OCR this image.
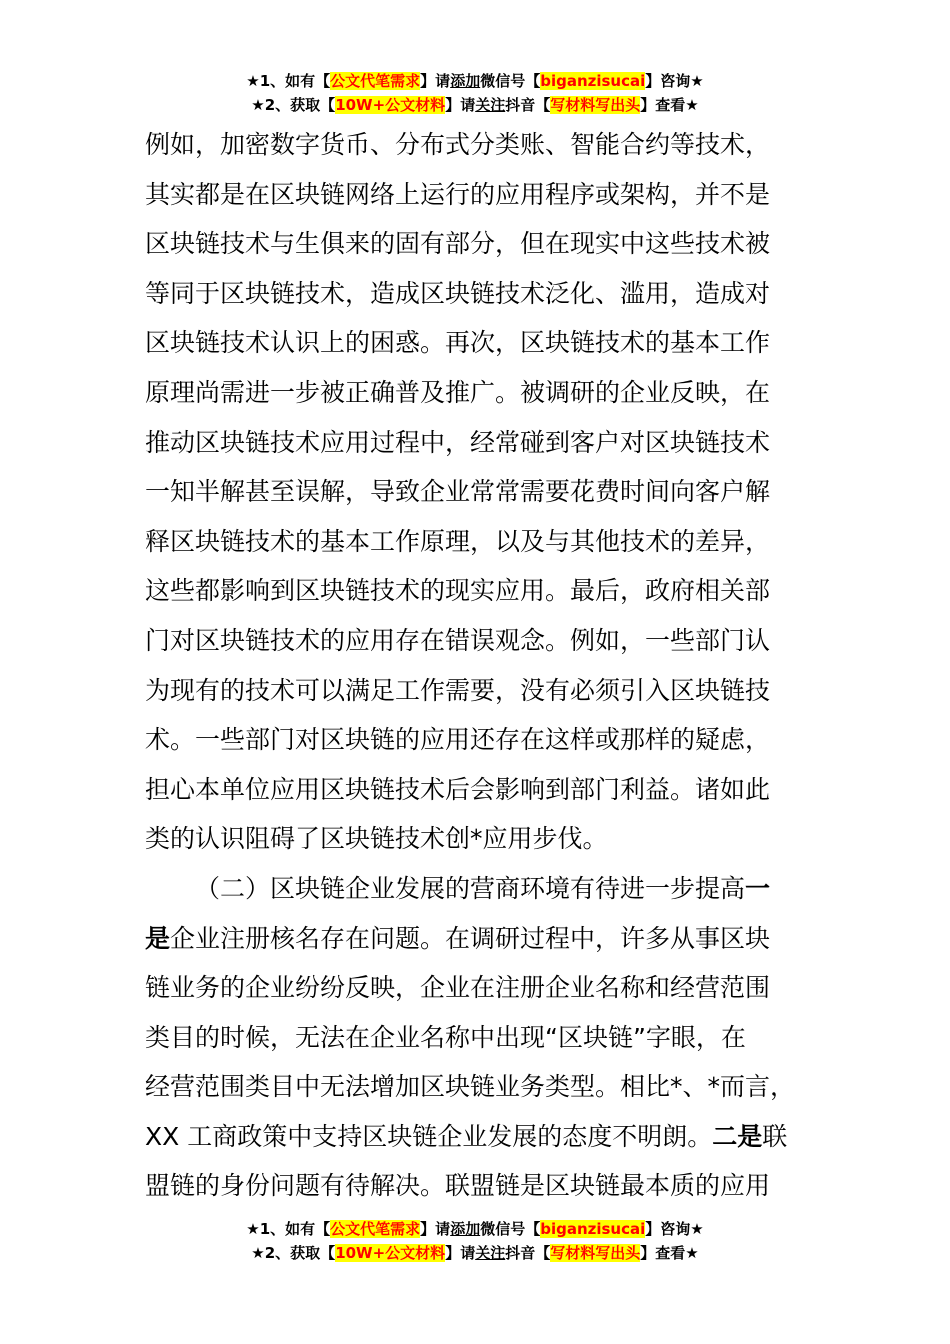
★1、如有【公文代笔需求】请添加微信号【biganzisucai】咨询★
★2、获取【10W+公文材料】请关注抖音【写材料写出头】查看★
例如，加密数字货币、分布式分类账、智能合约等技术，
其实都是在区块链网络上运行的应用程序或架构，并不是
区块链技术与生俱来的固有部分，但在现实中这些技术被
等同于区块链技术，造成区块链技术泛化、滥用，造成对
区块链技术认识上的困惑。再次，区块链技术的基本工作
原理尚需进一步被正确普及推广。被调研的企业反映，在
推动区块链技术应用过程中，经常碰到客户对区块链技术
一知半解甚至误解，导致企业常常需要花费时间向客户解
释区块链技术的基本工作原理，以及与其他技术的差异，
这些都影响到区块链技术的现实应用。最后，政府相关部
门对区块链技术的应用存在错误观念。例如，一些部门认
为现有的技术可以满足工作需要，没有必须引入区块链技
术。一些部门对区块链的应用还存在这样或那样的疑虑，
担心本单位应用区块链技术后会影响到部门利益。诸如此
类的认识阻碍了区块链技术创*应用步伐。
（二）区块链企业发展的营商环境有待进一步提高一
是企业注册核名存在问题。在调研过程中，许多从事区块
链业务的企业纷纷反映，企业在注册企业名称和经营范围
类目的时候，无法在企业名称中出现“区块链”字眼，在
经营范围类目中无法增加区块链业务类型。相比*、*而言，
XX 工商政策中支持区块链企业发展的态度不明朗。二是联
盟链的身份问题有待解决。联盟链是区块链最本质的应用
★1、如有【公文代笔需求】请添加微信号【biganzisucai】咨询★
★2、获取【10W+公文材料】请关注抖音【写材料写出头】查看★
